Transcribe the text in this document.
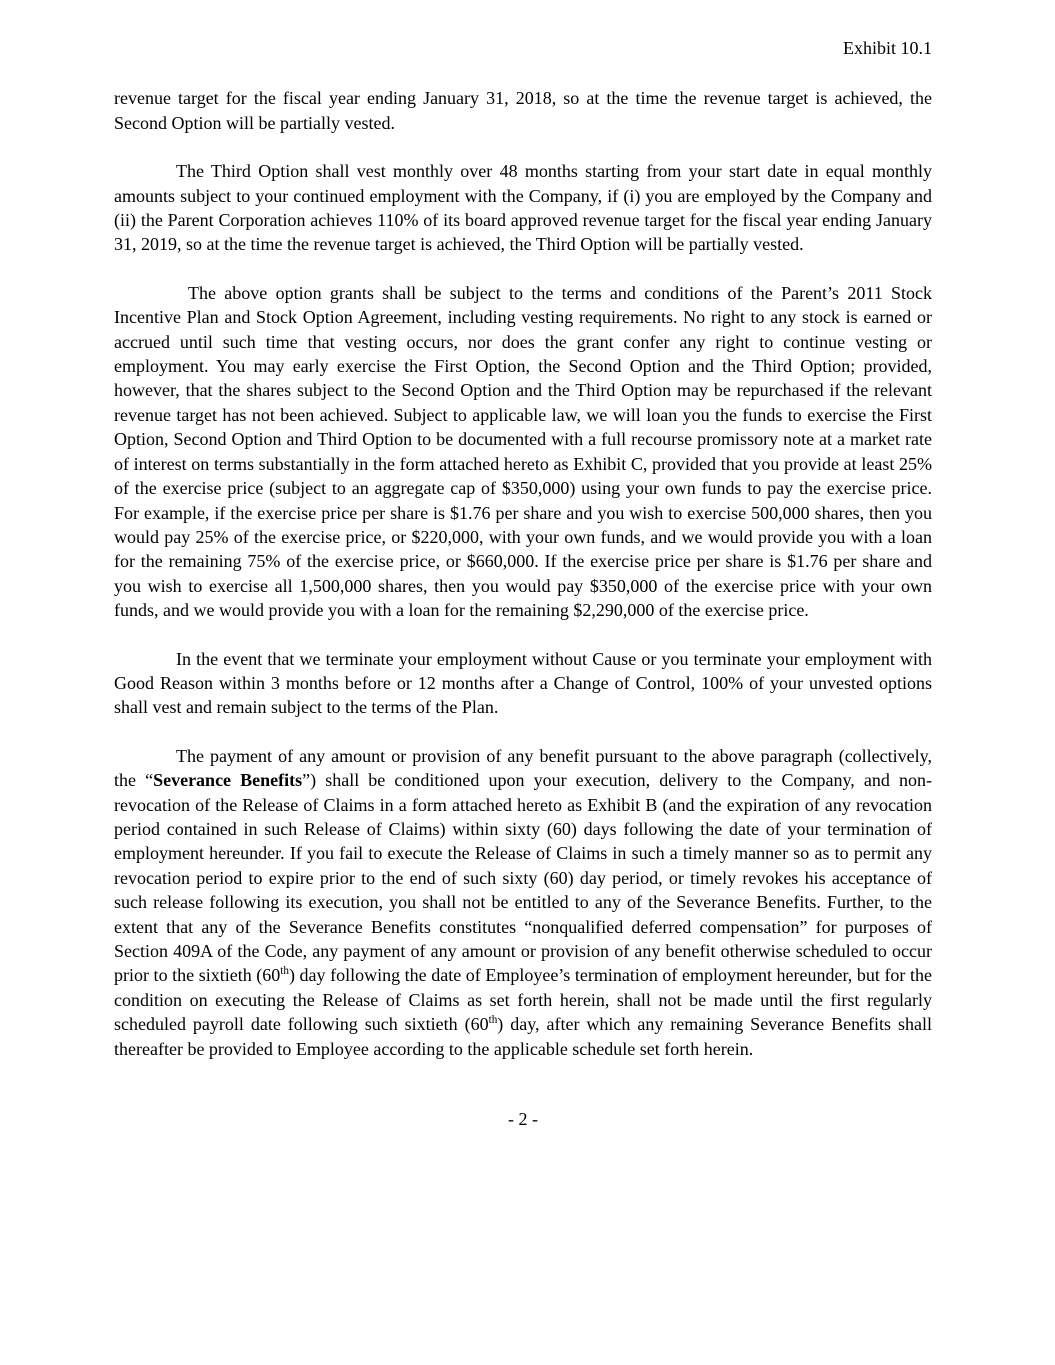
Exhibit 10.1

revenue target for the fiscal year ending January 31, 2018, so at the time the revenue target is achieved, the Second Option will be partially vested.

The Third Option shall vest monthly over 48 months starting from your start date in equal monthly amounts subject to your continued employment with the Company, if (i) you are employed by the Company and (ii) the Parent Corporation achieves 110% of its board approved revenue target for the fiscal year ending January 31, 2019, so at the time the revenue target is achieved, the Third Option will be partially vested.

The above option grants shall be subject to the terms and conditions of the Parent’s 2011 Stock Incentive Plan and Stock Option Agreement, including vesting requirements. No right to any stock is earned or accrued until such time that vesting occurs, nor does the grant confer any right to continue vesting or employment. You may early exercise the First Option, the Second Option and the Third Option; provided, however, that the shares subject to the Second Option and the Third Option may be repurchased if the relevant revenue target has not been achieved. Subject to applicable law, we will loan you the funds to exercise the First Option, Second Option and Third Option to be documented with a full recourse promissory note at a market rate of interest on terms substantially in the form attached hereto as Exhibit C, provided that you provide at least 25% of the exercise price (subject to an aggregate cap of $350,000) using your own funds to pay the exercise price. For example, if the exercise price per share is $1.76 per share and you wish to exercise 500,000 shares, then you would pay 25% of the exercise price, or $220,000, with your own funds, and we would provide you with a loan for the remaining 75% of the exercise price, or $660,000. If the exercise price per share is $1.76 per share and you wish to exercise all 1,500,000 shares, then you would pay $350,000 of the exercise price with your own funds, and we would provide you with a loan for the remaining $2,290,000 of the exercise price.

In the event that we terminate your employment without Cause or you terminate your employment with Good Reason within 3 months before or 12 months after a Change of Control, 100% of your unvested options shall vest and remain subject to the terms of the Plan.

The payment of any amount or provision of any benefit pursuant to the above paragraph (collectively, the “Severance Benefits”) shall be conditioned upon your execution, delivery to the Company, and non-revocation of the Release of Claims in a form attached hereto as Exhibit B (and the expiration of any revocation period contained in such Release of Claims) within sixty (60) days following the date of your termination of employment hereunder. If you fail to execute the Release of Claims in such a timely manner so as to permit any revocation period to expire prior to the end of such sixty (60) day period, or timely revokes his acceptance of such release following its execution, you shall not be entitled to any of the Severance Benefits. Further, to the extent that any of the Severance Benefits constitutes “nonqualified deferred compensation” for purposes of Section 409A of the Code, any payment of any amount or provision of any benefit otherwise scheduled to occur prior to the sixtieth (60th) day following the date of Employee’s termination of employment hereunder, but for the condition on executing the Release of Claims as set forth herein, shall not be made until the first regularly scheduled payroll date following such sixtieth (60th) day, after which any remaining Severance Benefits shall thereafter be provided to Employee according to the applicable schedule set forth herein.

- 2 -
